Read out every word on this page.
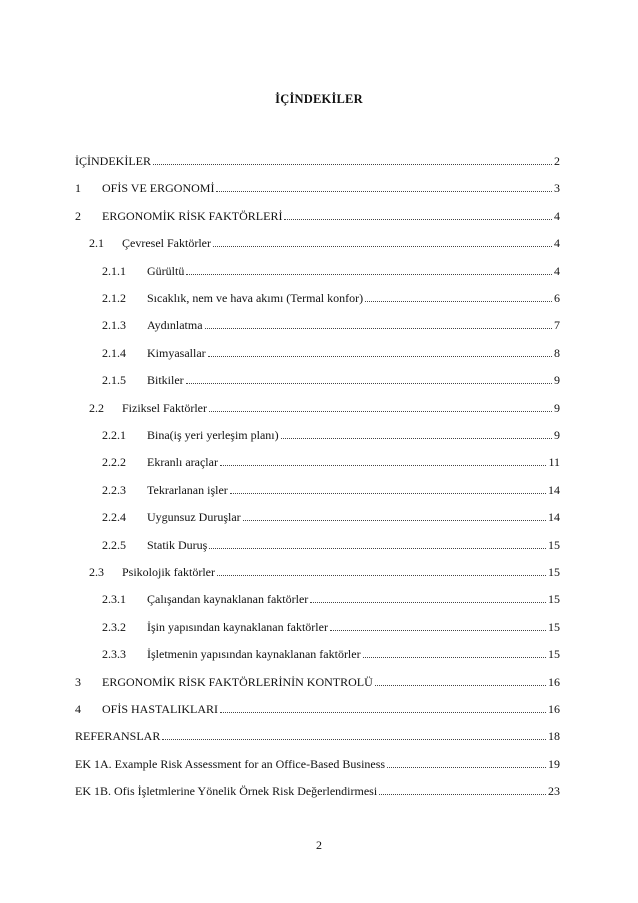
İÇİNDEKİLER
İÇİNDEKİLER	2
1	OFİS VE ERGONOMİ	3
2	ERGONOMİK RİSK FAKTÖRLERİ	4
2.1	Çevresel Faktörler	4
2.1.1	Gürültü	4
2.1.2	Sıcaklık, nem ve hava akımı (Termal konfor)	6
2.1.3	Aydınlatma	7
2.1.4	Kimyasallar	8
2.1.5	Bitkiler	9
2.2	Fiziksel Faktörler	9
2.2.1	Bina(iş yeri yerleşim planı)	9
2.2.2	Ekranlı araçlar	11
2.2.3	Tekrarlanan işler	14
2.2.4	Uygunsuz Duruşlar	14
2.2.5	Statik Duruş	15
2.3	Psikolojik faktörler	15
2.3.1	Çalışandan kaynaklanan faktörler	15
2.3.2	İşin yapısından kaynaklanan faktörler	15
2.3.3	İşletmenin yapısından kaynaklanan faktörler	15
3	ERGONOMİK RİSK FAKTÖRLERİNİN KONTROLÜ	16
4	OFİS HASTALIKLARI	16
REFERANSLAR	18
EK 1A. Example Risk Assessment for an Office-Based Business	19
EK 1B. Ofis İşletmlerine Yönelik Örnek Risk Değerlendirmesi	23
2
